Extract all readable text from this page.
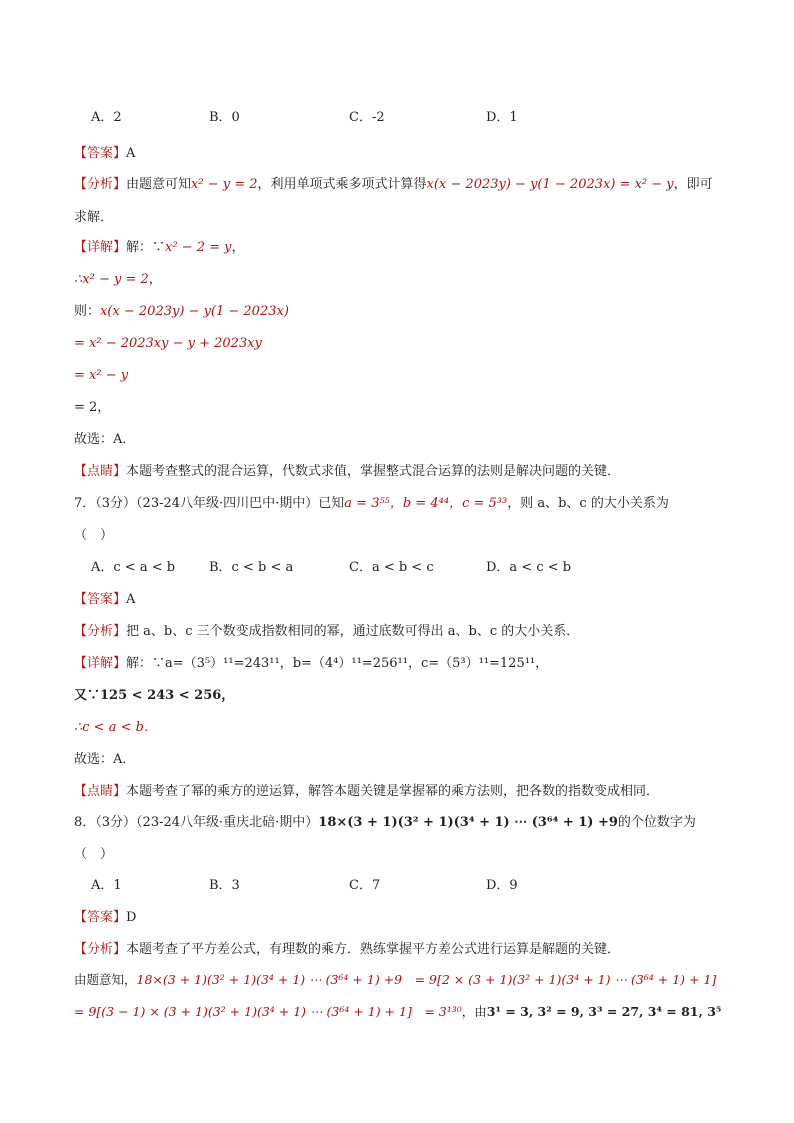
A．2	B．0	C．-2	D．1
【答案】A
【分析】由题意可知x² − y = 2，利用单项式乘多项式计算得x(x − 2023y) − y(1 − 2023x) = x² − y，即可
求解．
【详解】解：∵x² − 2 = y，
∴x² − y = 2，
则：x(x − 2023y) − y(1 − 2023x)
= x² − 2023xy − y + 2023xy
= x² − y
= 2，
故选：A．
【点睛】本题考查整式的混合运算，代数式求值，掌握整式混合运算的法则是解决问题的关键．
7．（3分）（23-24八年级·四川巴中·期中）已知a = 3⁵⁵，b = 4⁴⁴，c = 5³³，则 a、b、c 的大小关系为
（　）
A．c < a < b	B．c < b < a	C．a < b < c	D．a < c < b
【答案】A
【分析】把 a、b、c 三个数变成指数相同的幂，通过底数可得出 a、b、c 的大小关系．
【详解】解：∵a=（3⁵）¹¹=243¹¹，b=（4⁴）¹¹=256¹¹，c=（5³）¹¹=125¹¹，
又∵125 < 243 < 256，
∴c < a < b．
故选：A．
【点睛】本题考查了幂的乘方的逆运算，解答本题关键是掌握幂的乘方法则，把各数的指数变成相同．
8．（3分）（23-24八年级·重庆北碚·期中）18×(3 + 1)(3² + 1)(3⁴ + 1) ⋯ (3⁶⁴ + 1) +9的个位数字为
（　）
A．1	B．3	C．7	D．9
【答案】D
【分析】本题考查了平方差公式，有理数的乘方．熟练掌握平方差公式进行运算是解题的关键．
由题意知，18×(3 + 1)(3² + 1)(3⁴ + 1) ⋯ (3⁶⁴ + 1) +9　= 9[2 × (3 + 1)(3² + 1)(3⁴ + 1) ⋯ (3⁶⁴ + 1) + 1]
= 9[(3 − 1) × (3 + 1)(3² + 1)(3⁴ + 1) ⋯ (3⁶⁴ + 1) + 1]　= 3¹³⁰，由3¹ = 3, 3² = 9, 3³ = 27, 3⁴ = 81, 3⁵
